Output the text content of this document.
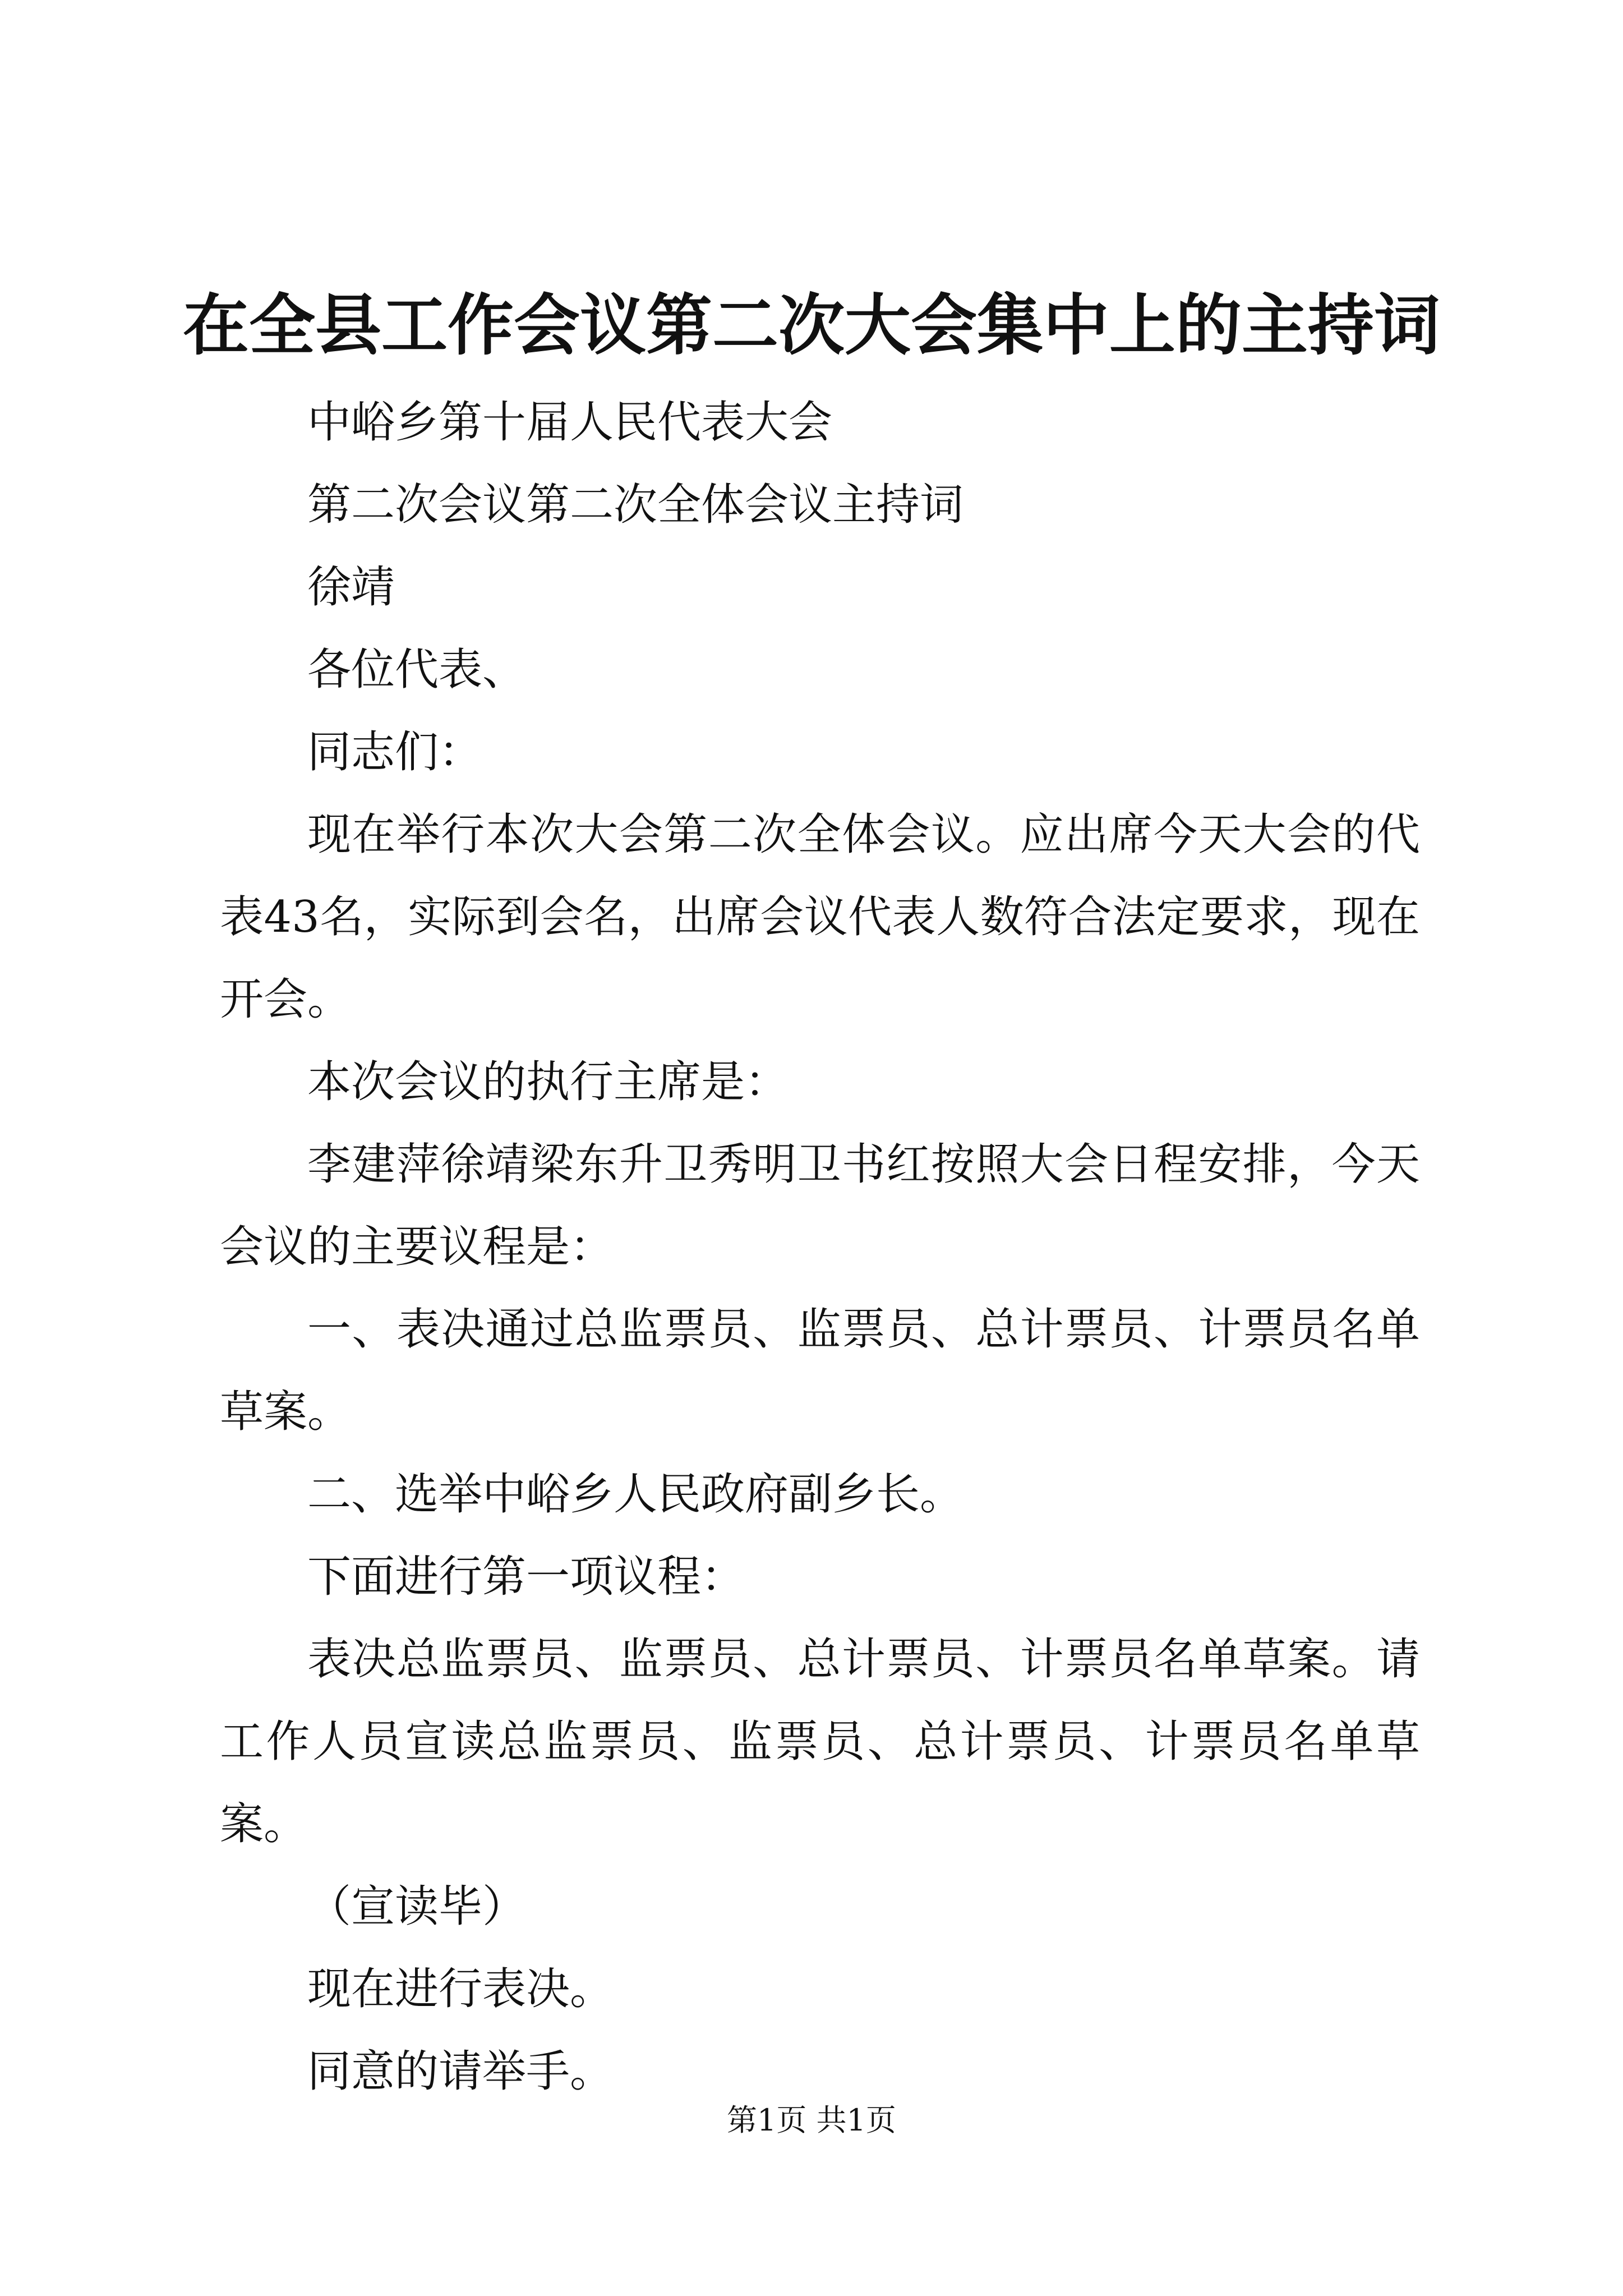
在全县工作会议第二次大会集中上的主持词

中峪乡第十届人民代表大会

第二次会议第二次全体会议主持词

徐靖

各位代表、

同志们：

现在举行本次大会第二次全体会议。应出席今天大会的代表43名，实际到会名，出席会议代表人数符合法定要求，现在开会。

本次会议的执行主席是：

李建萍徐靖梁东升卫秀明卫书红按照大会日程安排，今天会议的主要议程是：

一、表决通过总监票员、监票员、总计票员、计票员名单草案。

二、选举中峪乡人民政府副乡长。

下面进行第一项议程：

表决总监票员、监票员、总计票员、计票员名单草案。请工作人员宣读总监票员、监票员、总计票员、计票员名单草案。

（宣读毕）

现在进行表决。

同意的请举手。

第1页 共1页
